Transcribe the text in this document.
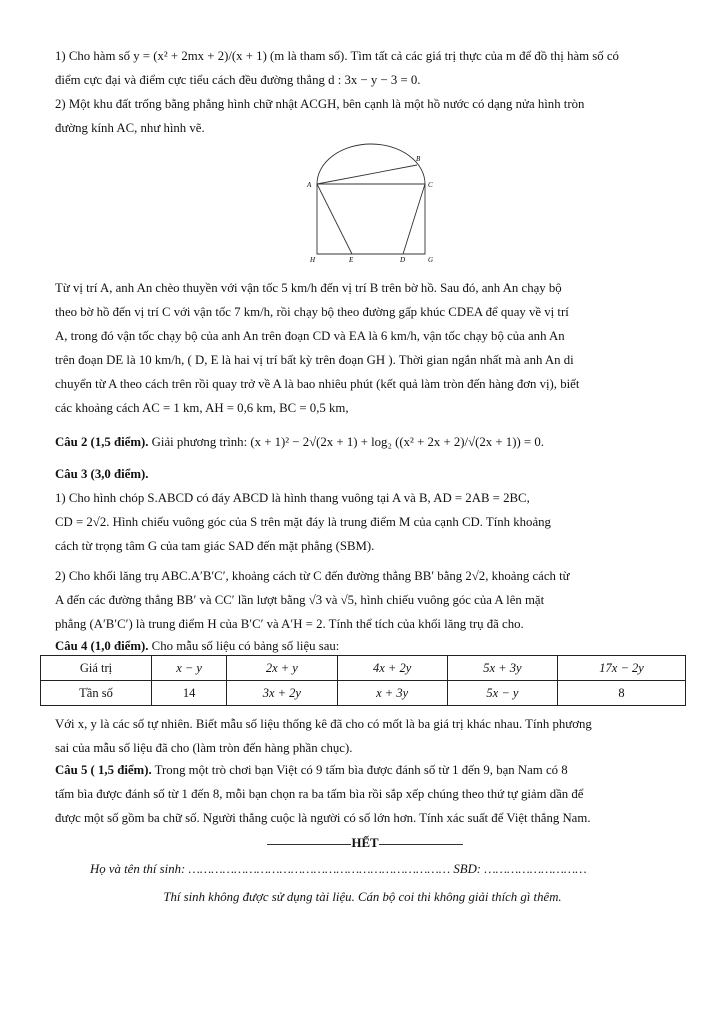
1) Cho hàm số y = (x² + 2mx + 2)/(x + 1) (m là tham số). Tìm tất cả các giá trị thực của m để đồ thị hàm số có
điểm cực đại và điểm cực tiểu cách đều đường thẳng d : 3x − y − 3 = 0.
2) Một khu đất trống bằng phẳng hình chữ nhật ACGH, bên cạnh là một hồ nước có dạng nửa hình tròn
đường kính AC, như hình vẽ.
B
A	C
H	E	D	G
Từ vị trí A, anh An chèo thuyền với vận tốc 5 km/h đến vị trí B trên bờ hồ. Sau đó, anh An chạy bộ
theo bờ hồ đến vị trí C với vận tốc 7 km/h, rồi chạy bộ theo đường gấp khúc CDEA để quay về vị trí
A, trong đó vận tốc chạy bộ của anh An trên đoạn CD và EA là 6 km/h, vận tốc chạy bộ của anh An
trên đoạn DE là 10 km/h, ( D, E là hai vị trí bất kỳ trên đoạn GH ). Thời gian ngắn nhất mà anh An di
chuyển từ A theo cách trên rồi quay trở về A là bao nhiêu phút (kết quả làm tròn đến hàng đơn vị), biết
các khoảng cách AC = 1 km, AH = 0,6 km, BC = 0,5 km,
Câu 2 (1,5 điểm). Giải phương trình: (x + 1)² − 2√(2x + 1) + log₂ ((x² + 2x + 2)/√(2x + 1)) = 0.
Câu 3 (3,0 điểm).
1) Cho hình chóp S.ABCD có đáy ABCD là hình thang vuông tại A và B, AD = 2AB = 2BC,
CD = 2√2. Hình chiếu vuông góc của S trên mặt đáy là trung điểm M của cạnh CD. Tính khoảng
cách từ trọng tâm G của tam giác SAD đến mặt phẳng (SBM).
2) Cho khối lăng trụ ABC.A′B′C′, khoảng cách từ C đến đường thẳng BB′ bằng 2√2, khoảng cách từ
A đến các đường thẳng BB′ và CC′ lần lượt bằng √3 và √5, hình chiếu vuông góc của A lên mặt
phẳng (A′B′C′) là trung điểm H của B′C′ và A′H = 2. Tính thể tích của khối lăng trụ đã cho.
Câu 4 (1,0 điểm). Cho mẫu số liệu có bảng số liệu sau:
Giá trị	x − y	2x + y	4x + 2y	5x + 3y	17x − 2y
Tần số	14	3x + 2y	x + 3y	5x − y	8
Với x, y là các số tự nhiên. Biết mẫu số liệu thống kê đã cho có mốt là ba giá trị khác nhau. Tính phương
sai của mẫu số liệu đã cho (làm tròn đến hàng phần chục).
Câu 5 ( 1,5 điểm). Trong một trò chơi bạn Việt có 9 tấm bìa được đánh số từ 1 đến 9, bạn Nam có 8
tấm bìa được đánh số từ 1 đến 8, mỗi bạn chọn ra ba tấm bìa rồi sắp xếp chúng theo thứ tự giảm dần để
được một số gồm ba chữ số. Người thắng cuộc là người có số lớn hơn. Tính xác suất để Việt thắng Nam.
HẾT
Họ và tên thí sinh: …………………………………………………………… SBD: ………………………
Thí sinh không được sử dụng tài liệu. Cán bộ coi thi không giải thích gì thêm.
